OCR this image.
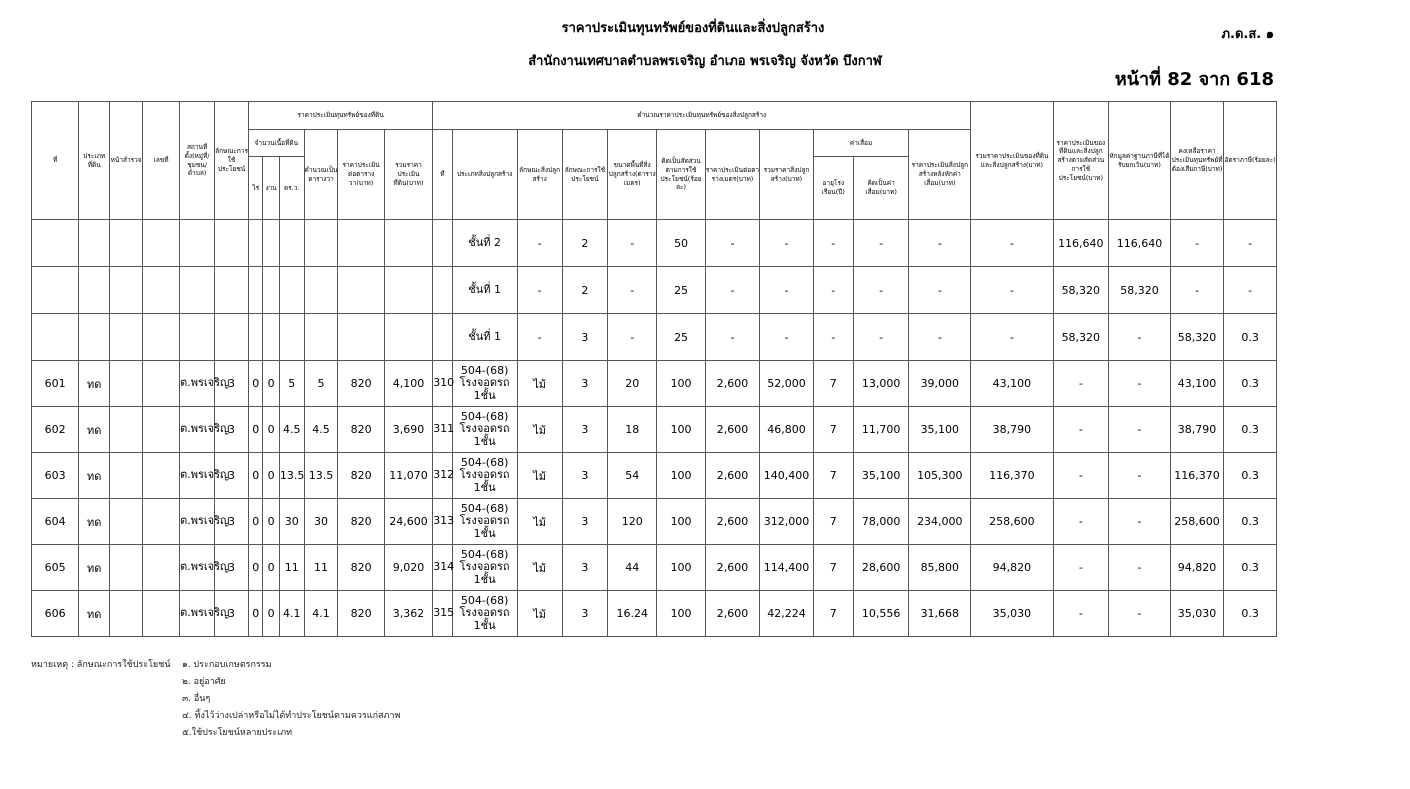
ราคาประเมินทุนทรัพย์ของที่ดินและสิ่งปลูกสร้าง
สำนักงานเทศบาลตำบลพรเจริญ อำเภอ พรเจริญ จังหวัด บึงกาฬ
ภ.ด.ส. ๑
หน้าที่ 82 จาก 618
ที่	ประเภทที่ดิน	หน้าสำรวจ	เลขที่	สถานที่ตั้ง(หมู่ที่/ชุมชน/ตำบล)	ลักษณะการใช้ประโยชน์	ราคาประเมินทุนทรัพย์ของที่ดิน						คำนวณราคาประเมินทุนทรัพย์ของสิ่งปลูกสร้าง											รวมราคาประเมินของที่ดินและสิ่งปลูกสร้าง(บาท)	ราคาประเมินของที่ดินและสิ่งปลูกสร้างตามสัดส่วนการใช้ประโยชน์(บาท)	หักมูลค่าฐานภาษีที่ได้รับยกเว้น(บาท)	คงเหลือราคาประเมินทุนทรัพย์ที่ต้องเสียภาษี(บาท)	อัตราภาษี(ร้อยละ)
						จำนวนเนื้อที่ดิน			คำนวณเป็นตารางวา	ราคาประเมินต่อตารางวา(บาท)	รวมราคาประเมินที่ดิน(บาท)	ที่	ประเภทสิ่งปลูกสร้าง	ลักษณะสิ่งปลูกสร้าง	ลักษณะการใช้ประโยชน์	ขนาดพื้นที่สิ่งปลูกสร้าง(ตารางเมตร)	คิดเป็นสัดส่วนตามการใช้ประโยชน์(ร้อยละ)	ราคาประเมินต่อตารางเมตร(บาท)	รวมราคาสิ่งปลูกสร้าง(บาท)	ค่าเสื่อม		ราคาประเมินสิ่งปลูกสร้างหลังหักค่าเสื่อม(บาท)					
						ไร่	งาน	ตร.ว.												อายุโรงเรือน(ปี)	คิดเป็นค่าเสื่อม(บาท)						
													ชั้นที่ 2	-	2	-	50	-	-	-	-	-	-	116,640	116,640	-	-
													ชั้นที่ 1	-	2	-	25	-	-	-	-	-	-	58,320	58,320	-	-
													ชั้นที่ 1	-	3	-	25	-	-	-	-	-	-	58,320	-	58,320	0.3
601	ทด			ต.พรเจริญ	3	0	0	5	5	820	4,100	310	504-(68) โรงจอดรถ 1ชั้น	ไม้	3	20	100	2,600	52,000	7	13,000	39,000	43,100	-	-	43,100	0.3
602	ทด			ต.พรเจริญ	3	0	0	4.5	4.5	820	3,690	311	504-(68) โรงจอดรถ 1ชั้น	ไม้	3	18	100	2,600	46,800	7	11,700	35,100	38,790	-	-	38,790	0.3
603	ทด			ต.พรเจริญ	3	0	0	13.5	13.5	820	11,070	312	504-(68) โรงจอดรถ 1ชั้น	ไม้	3	54	100	2,600	140,400	7	35,100	105,300	116,370	-	-	116,370	0.3
604	ทด			ต.พรเจริญ	3	0	0	30	30	820	24,600	313	504-(68) โรงจอดรถ 1ชั้น	ไม้	3	120	100	2,600	312,000	7	78,000	234,000	258,600	-	-	258,600	0.3
605	ทด			ต.พรเจริญ	3	0	0	11	11	820	9,020	314	504-(68) โรงจอดรถ 1ชั้น	ไม้	3	44	100	2,600	114,400	7	28,600	85,800	94,820	-	-	94,820	0.3
606	ทด			ต.พรเจริญ	3	0	0	4.1	4.1	820	3,362	315	504-(68) โรงจอดรถ 1ชั้น	ไม้	3	16.24	100	2,600	42,224	7	10,556	31,668	35,030	-	-	35,030	0.3
หมายเหตุ : ลักษณะการใช้ประโยชน์ ๑. ประกอบเกษตรกรรม
๒. อยู่อาศัย
๓. อื่นๆ
๔. ทิ้งไว้ว่างเปล่าหรือไม่ได้ทำประโยชน์ตามควรแก่สภาพ
๕.ใช้ประโยชน์หลายประเภท
